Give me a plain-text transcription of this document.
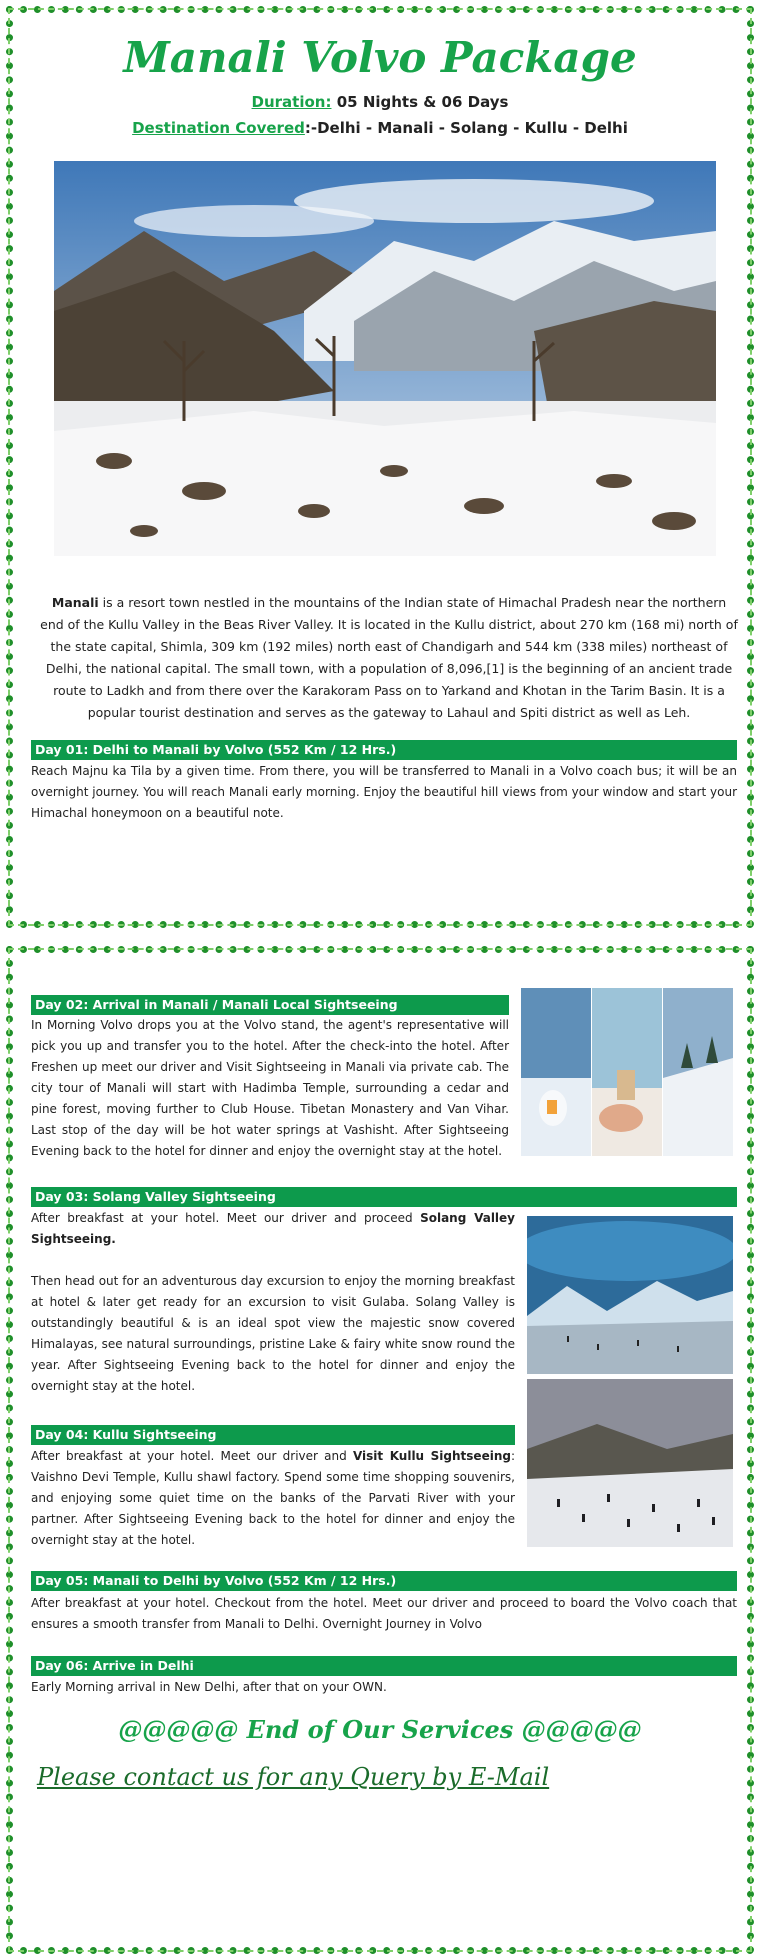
Manali Volvo Package
Duration: 05 Nights & 06 Days
Destination Covered:-Delhi - Manali - Solang - Kullu - Delhi

Manali is a resort town nestled in the mountains of the Indian state of Himachal Pradesh near the northern end of the Kullu Valley in the Beas River Valley. It is located in the Kullu district, about 270 km (168 mi) north of the state capital, Shimla, 309 km (192 miles) north east of Chandigarh and 544 km (338 miles) northeast of Delhi, the national capital. The small town, with a population of 8,096,[1] is the beginning of an ancient trade route to Ladkh and from there over the Karakoram Pass on to Yarkand and Khotan in the Tarim Basin. It is a popular tourist destination and serves as the gateway to Lahaul and Spiti district as well as Leh.

Day 01: Delhi to Manali by Volvo (552 Km / 12 Hrs.)

Reach Majnu ka Tila by a given time. From there, you will be transferred to Manali in a Volvo coach bus; it will be an overnight journey. You will reach Manali early morning. Enjoy the beautiful hill views from your window and start your Himachal honeymoon on a beautiful note.

Day 02: Arrival in Manali / Manali Local Sightseeing

In Morning Volvo drops you at the Volvo stand, the agent's representative will pick you up and transfer you to the hotel. After the check-into the hotel. After Freshen up meet our driver and Visit Sightseeing in Manali via private cab. The city tour of Manali will start with Hadimba Temple, surrounding a cedar and pine forest, moving further to Club House. Tibetan Monastery and Van Vihar. Last stop of the day will be hot water springs at Vashisht. After Sightseeing Evening back to the hotel for dinner and enjoy the overnight stay at the hotel.

Day 03: Solang Valley Sightseeing

After breakfast at your hotel. Meet our driver and proceed Solang Valley Sightseeing.

Then head out for an adventurous day excursion to enjoy the morning breakfast at hotel & later get ready for an excursion to visit Gulaba. Solang Valley is outstandingly beautiful & is an ideal spot view the majestic snow covered Himalayas, see natural surroundings, pristine Lake & fairy white snow round the year. After Sightseeing Evening back to the hotel for dinner and enjoy the overnight stay at the hotel.

Day 04: Kullu Sightseeing

After breakfast at your hotel. Meet our driver and Visit Kullu Sightseeing: Vaishno Devi Temple, Kullu shawl factory. Spend some time shopping souvenirs, and enjoying some quiet time on the banks of the Parvati River with your partner. After Sightseeing Evening back to the hotel for dinner and enjoy the overnight stay at the hotel.

Day 05: Manali to Delhi by Volvo (552 Km / 12 Hrs.)

After breakfast at your hotel. Checkout from the hotel. Meet our driver and proceed to board the Volvo coach that ensures a smooth transfer from Manali to Delhi. Overnight Journey in Volvo

Day 06: Arrive in Delhi

Early Morning arrival in New Delhi, after that on your OWN.

@@@@@ End of Our Services @@@@@
Please contact us for any Query by E-Mail
